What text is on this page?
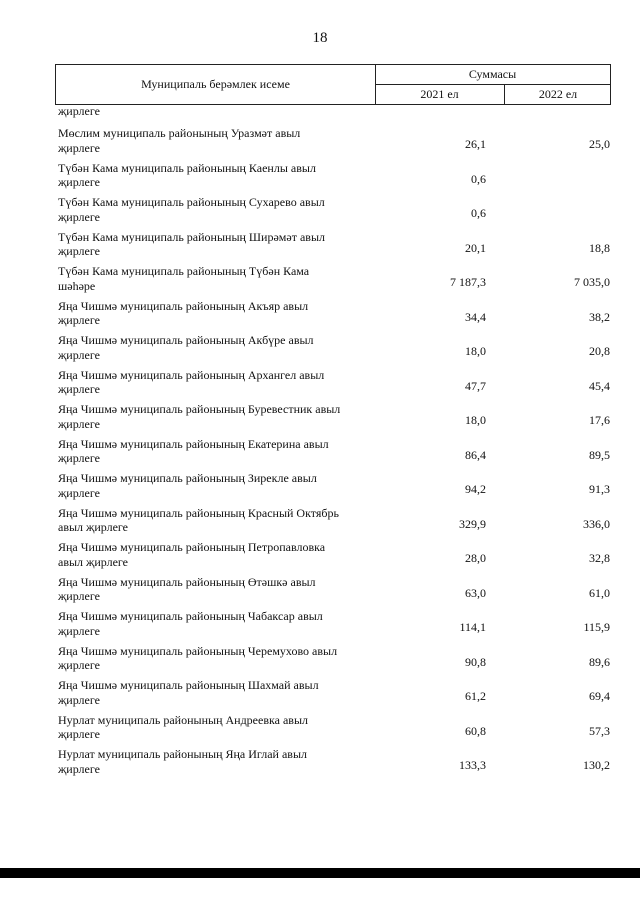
18
Муниципаль берәмлек исеме
Суммасы
2021 ел	2022 ел
җирлеге
Мөслим муниципаль районының Уразмәт авыл
җирлеге	26,1	25,0
Түбән Кама муниципаль районының Каенлы авыл
җирлеге	0,6
Түбән Кама муниципаль районының Сухарево авыл
җирлеге	0,6
Түбән Кама муниципаль районының Ширәмәт авыл
җирлеге	20,1	18,8
Түбән Кама муниципаль районының Түбән Кама
шәһәре	7 187,3	7 035,0
Яңа Чишмә муниципаль районының Акъяр авыл
җирлеге	34,4	38,2
Яңа Чишмә муниципаль районының Акбүре авыл
җирлеге	18,0	20,8
Яңа Чишмә муниципаль районының Архангел авыл
җирлеге	47,7	45,4
Яңа Чишмә муниципаль районының Буревестник авыл
җирлеге	18,0	17,6
Яңа Чишмә муниципаль районының Екатерина авыл
җирлеге	86,4	89,5
Яңа Чишмә муниципаль районының Зирекле авыл
җирлеге	94,2	91,3
Яңа Чишмә муниципаль районының Красный Октябрь
авыл җирлеге	329,9	336,0
Яңа Чишмә муниципаль районының Петропавловка
авыл җирлеге	28,0	32,8
Яңа Чишмә муниципаль районының Өтәшкә авыл
җирлеге	63,0	61,0
Яңа Чишмә муниципаль районының Чабаксар авыл
җирлеге	114,1	115,9
Яңа Чишмә муниципаль районының Черемухово авыл
җирлеге	90,8	89,6
Яңа Чишмә муниципаль районының Шахмай авыл
җирлеге	61,2	69,4
Нурлат муниципаль районының Андреевка авыл
җирлеге	60,8	57,3
Нурлат муниципаль районының Яңа Иглай авыл
җирлеге	133,3	130,2
